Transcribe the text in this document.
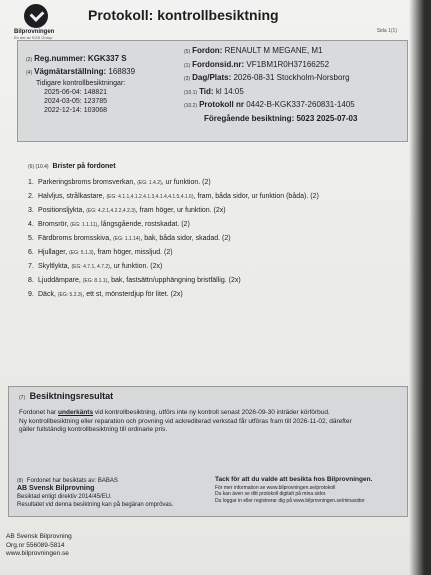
Bilprovningen
En del av SGS Group
Protokoll: kontrollbesiktning
Sida 1(1)
(2) Reg.nummer: KGK337 S
(4) Vägmätarställning: 168839
Tidigare kontrollbesiktningar:
2025-06-04: 148821
2024-03-05: 123785
2022-12-14: 103068
(5) Fordon: RENAULT M MEGANE, M1
(1) Fordonsid.nr: VF1BM1R0H37166252
(3) Dag/Plats: 2026-08-31 Stockholm-Norsborg
(10.1) Tid: kl 14:05
(10.2) Protokoll nr 0442-B-KGK337-260831-1405
Föregående besiktning: 5023 2025-07-03
(6) (10.4) Brister på fordonet
1. Parkeringsbroms bromsverkan, (EG: 1.4.2), ur funktion. (2)
2. Halvljus, strålkastare, (EG: 4.1.1,4.1.2,4.1.3,4.1.4,4.1.5,4.1.6), fram, båda sidor, ur funktion (båda). (2)
3. Positionsljykta, (EG: 4.2.1,4.2.2,4.2.3), fram höger, ur funktion. (2x)
4. Bromsrör, (EG: 1.1.11), långsgående, rostskadat. (2)
5. Färdbroms bromsskiva, (EG: 1.1.14), bak, båda sidor, skadad. (2)
6. Hjullager, (EG: 5.1.3), fram höger, missljud. (2)
7. Skyltlykta, (EG: 4.7.1, 4.7.2), ur funktion. (2x)
8. Ljuddämpare, (EG: 8.1.1), bak, fastsättn/upphängning bristfällig. (2x)
9. Däck, (EG: 5.2.3), ett st, mönsterdjup för litet. (2x)
(7) Besiktningsresultat
Fordonet har underkänts vid kontrollbesiktning, utförs inte ny kontroll senast 2026-09-30 inträder körförbud.
Ny kontrollbesiktning eller reparation och provning vid ackrediterad verkstad får utföras fram till 2026-11-02, därefter
gäller fullständig kontrollbesiktning till ordinarie pris.
(8) Fordonet har besiktats av: BABAS
AB Svensk Bilprovning
Besiktad enligt direktiv 2014/45/EU.
Resultatet vid denna besiktning kan på begäran omprövas.
Tack för att du valde att besikta hos Bilprovningen.
För mer information se www.bilprovningen.se/protokoll
Du kan även se ditt protokoll digitalt på mina sidor.
Du loggar in eller registrerar dig på www.bilprovningen.se/minasidor
AB Svensk Bilprovning
Org.nr 556089-5814
www.bilprovningen.se
